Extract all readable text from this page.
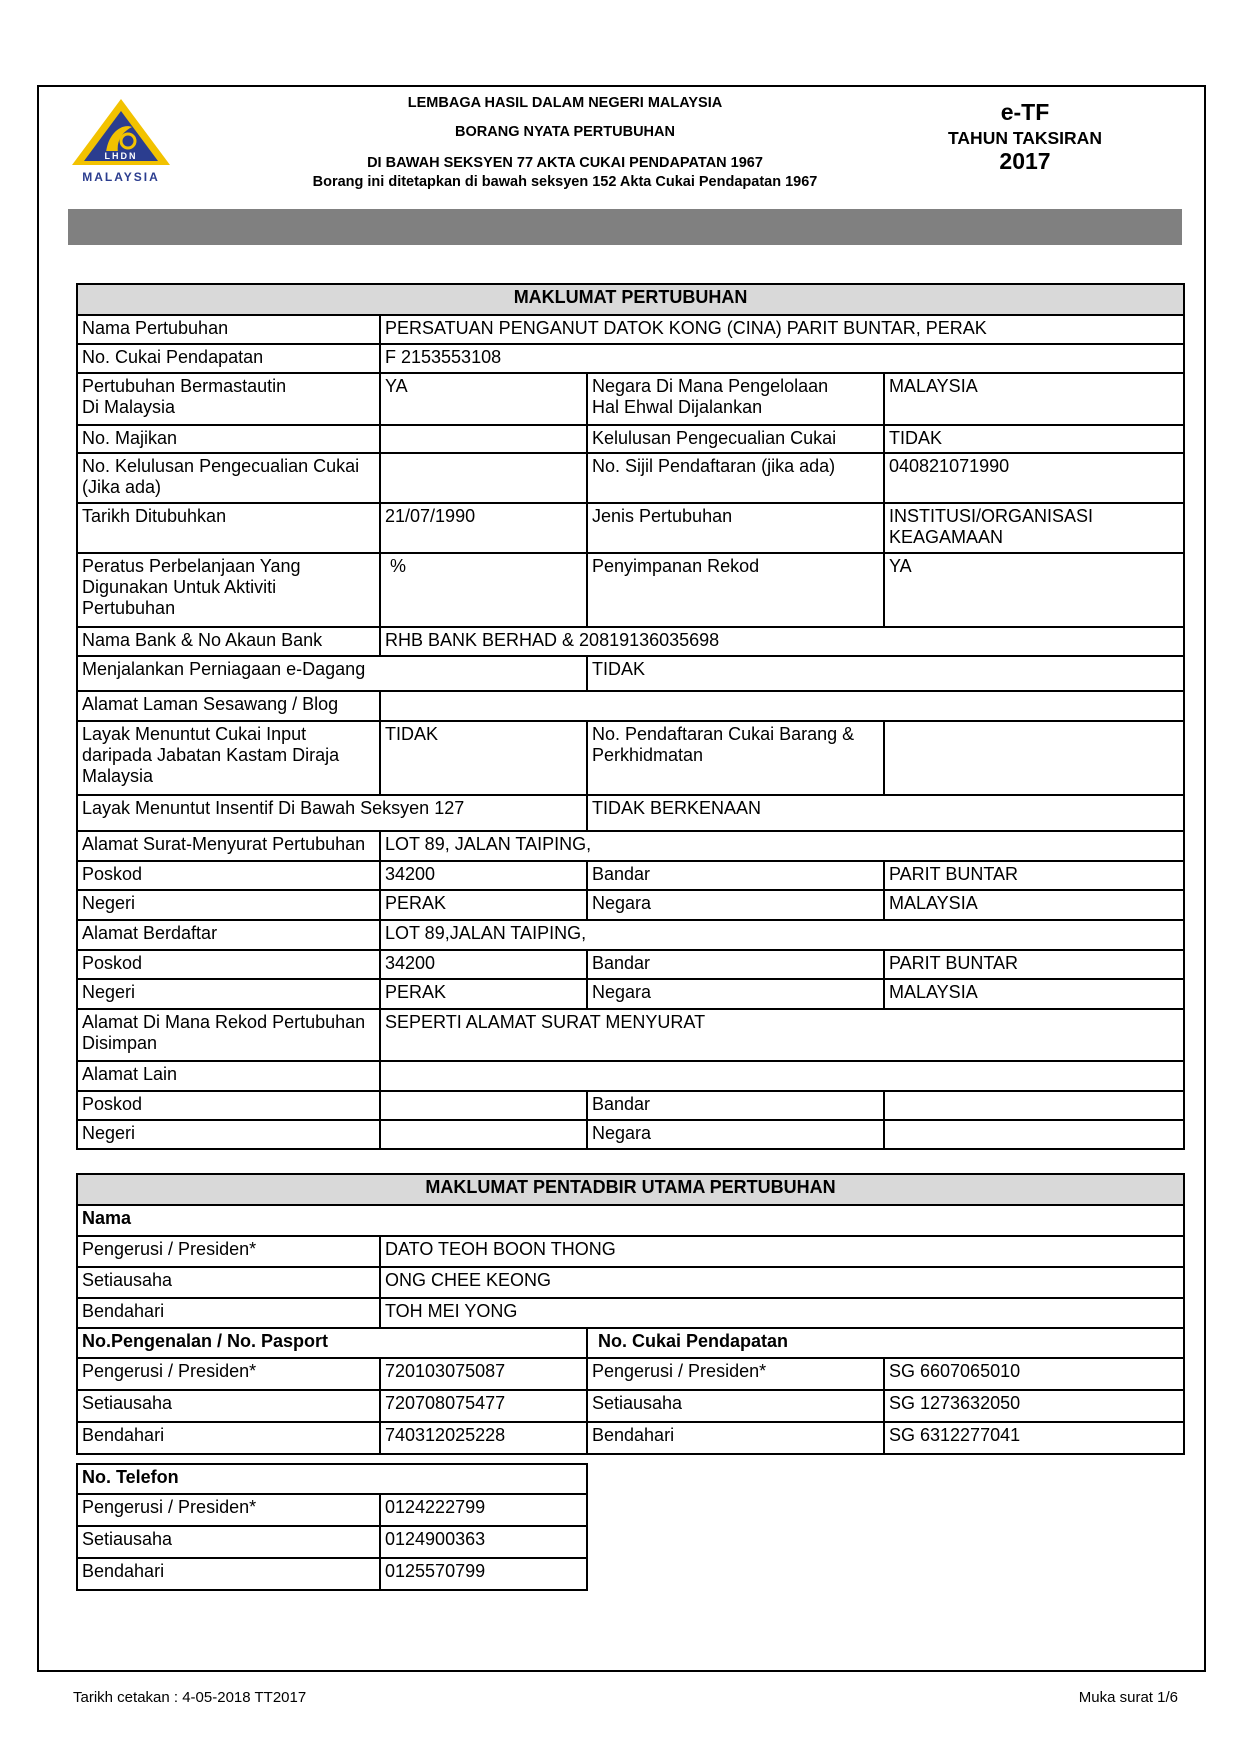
LHDN
MALAYSIA
LEMBAGA HASIL DALAM NEGERI MALAYSIA
BORANG NYATA PERTUBUHAN
DI BAWAH SEKSYEN 77 AKTA CUKAI PENDAPATAN 1967
Borang ini ditetapkan di bawah seksyen 152 Akta Cukai Pendapatan 1967
e-TF
TAHUN TAKSIRAN
2017
MAKLUMAT PERTUBUHAN			
Nama Pertubuhan	PERSATUAN PENGANUT DATOK KONG (CINA) PARIT BUNTAR, PERAK		
No. Cukai Pendapatan	F 2153553108		
Pertubuhan Bermastautin
Di Malaysia	YA	Negara Di Mana Pengelolaan
Hal Ehwal Dijalankan	MALAYSIA
No. Majikan		Kelulusan Pengecualian Cukai	TIDAK
No. Kelulusan Pengecualian Cukai
(Jika ada)		No. Sijil Pendaftaran (jika ada)	040821071990
Tarikh Ditubuhkan	21/07/1990	Jenis Pertubuhan	INSTITUSI/ORGANISASI
KEAGAMAAN
Peratus Perbelanjaan Yang
Digunakan Untuk Aktiviti
Pertubuhan	%	Penyimpanan Rekod	YA
Nama Bank & No Akaun Bank	RHB BANK BERHAD & 20819136035698		
Menjalankan Perniagaan e-Dagang		TIDAK	
Alamat Laman Sesawang / Blog			
Layak Menuntut Cukai Input
daripada Jabatan Kastam Diraja
Malaysia	TIDAK	No. Pendaftaran Cukai Barang &
Perkhidmatan	
Layak Menuntut Insentif Di Bawah Seksyen 127		TIDAK BERKENAAN	
Alamat Surat-Menyurat Pertubuhan	LOT 89, JALAN TAIPING,		
Poskod	34200	Bandar	PARIT BUNTAR
Negeri	PERAK	Negara	MALAYSIA
Alamat Berdaftar	LOT 89,JALAN TAIPING,		
Poskod	34200	Bandar	PARIT BUNTAR
Negeri	PERAK	Negara	MALAYSIA
Alamat Di Mana Rekod Pertubuhan
Disimpan	SEPERTI ALAMAT SURAT MENYURAT		
Alamat Lain			
Poskod		Bandar	
Negeri		Negara	
MAKLUMAT PENTADBIR UTAMA PERTUBUHAN			
Nama			
Pengerusi / Presiden*	DATO TEOH BOON THONG		
Setiausaha	ONG CHEE KEONG		
Bendahari	TOH MEI YONG		
No.Pengenalan / No. Pasport		No. Cukai Pendapatan	
Pengerusi / Presiden*	720103075087	Pengerusi / Presiden*	SG 6607065010
Setiausaha	720708075477	Setiausaha	SG 1273632050
Bendahari	740312025228	Bendahari	SG 6312277041
No. Telefon	
Pengerusi / Presiden*	0124222799
Setiausaha	0124900363
Bendahari	0125570799
Tarikh cetakan : 4-05-2018 TT2017	Muka surat 1/6
